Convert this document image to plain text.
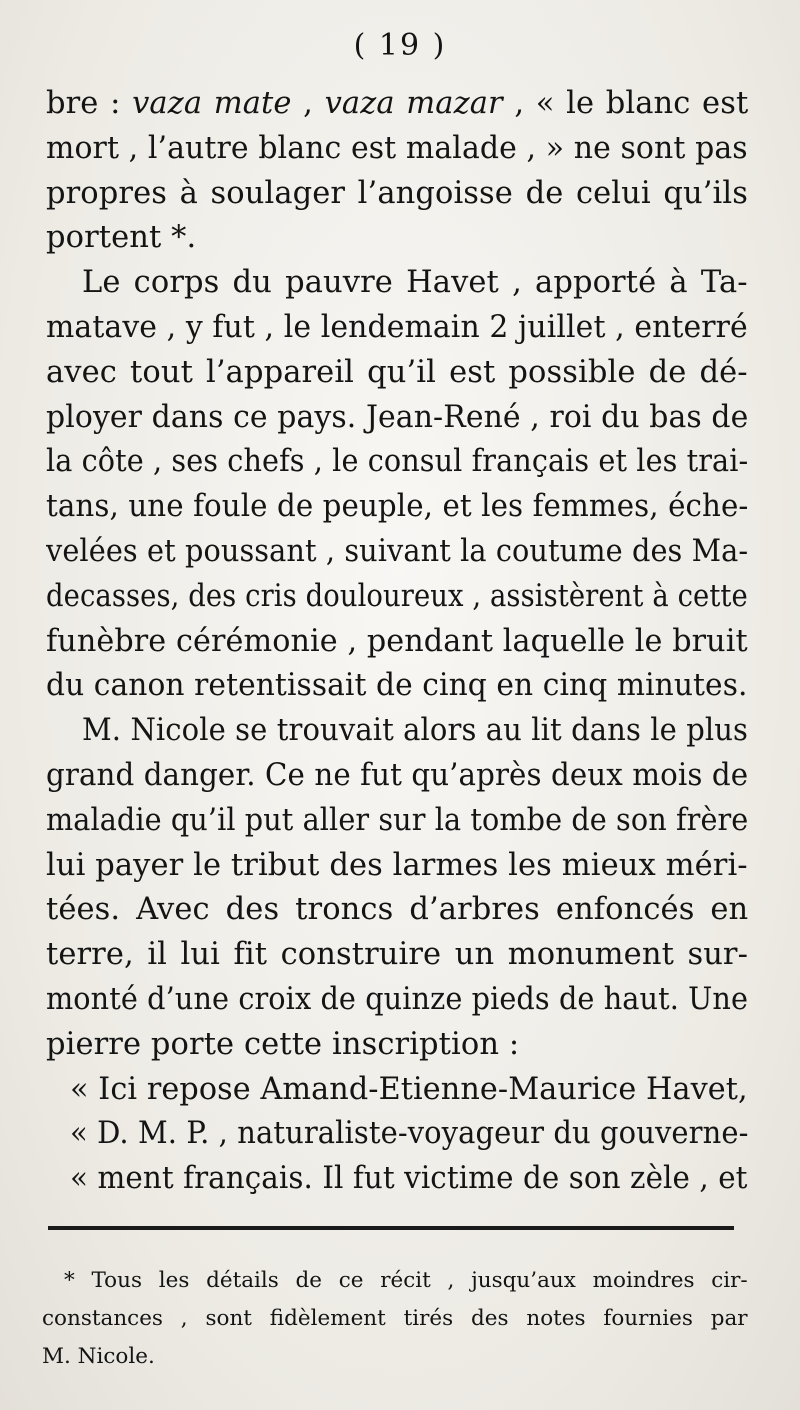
( 19 )
bre : vaza mate , vaza mazar , « le blanc est
mort , l’autre blanc est malade , » ne sont pas
propres à soulager l’angoisse de celui qu’ils
portent *.
Le corps du pauvre Havet , apporté à Ta-
matave , y fut , le lendemain 2 juillet , enterré
avec tout l’appareil qu’il est possible de dé-
ployer dans ce pays. Jean-René , roi du bas de
la côte , ses chefs , le consul français et les trai-
tans, une foule de peuple, et les femmes, éche-
velées et poussant , suivant la coutume des Ma-
decasses, des cris douloureux , assistèrent à cette
funèbre cérémonie , pendant laquelle le bruit
du canon retentissait de cinq en cinq minutes.
M. Nicole se trouvait alors au lit dans le plus
grand danger. Ce ne fut qu’après deux mois de
maladie qu’il put aller sur la tombe de son frère
lui payer le tribut des larmes les mieux méri-
tées. Avec des troncs d’arbres enfoncés en
terre, il lui fit construire un monument sur-
monté d’une croix de quinze pieds de haut. Une
pierre porte cette inscription :
« Ici repose Amand-Etienne-Maurice Havet,
« D. M. P. , naturaliste-voyageur du gouverne-
« ment français. Il fut victime de son zèle , et
* Tous les détails de ce récit , jusqu’aux moindres cir-
constances , sont fidèlement tirés des notes fournies par
M. Nicole.
